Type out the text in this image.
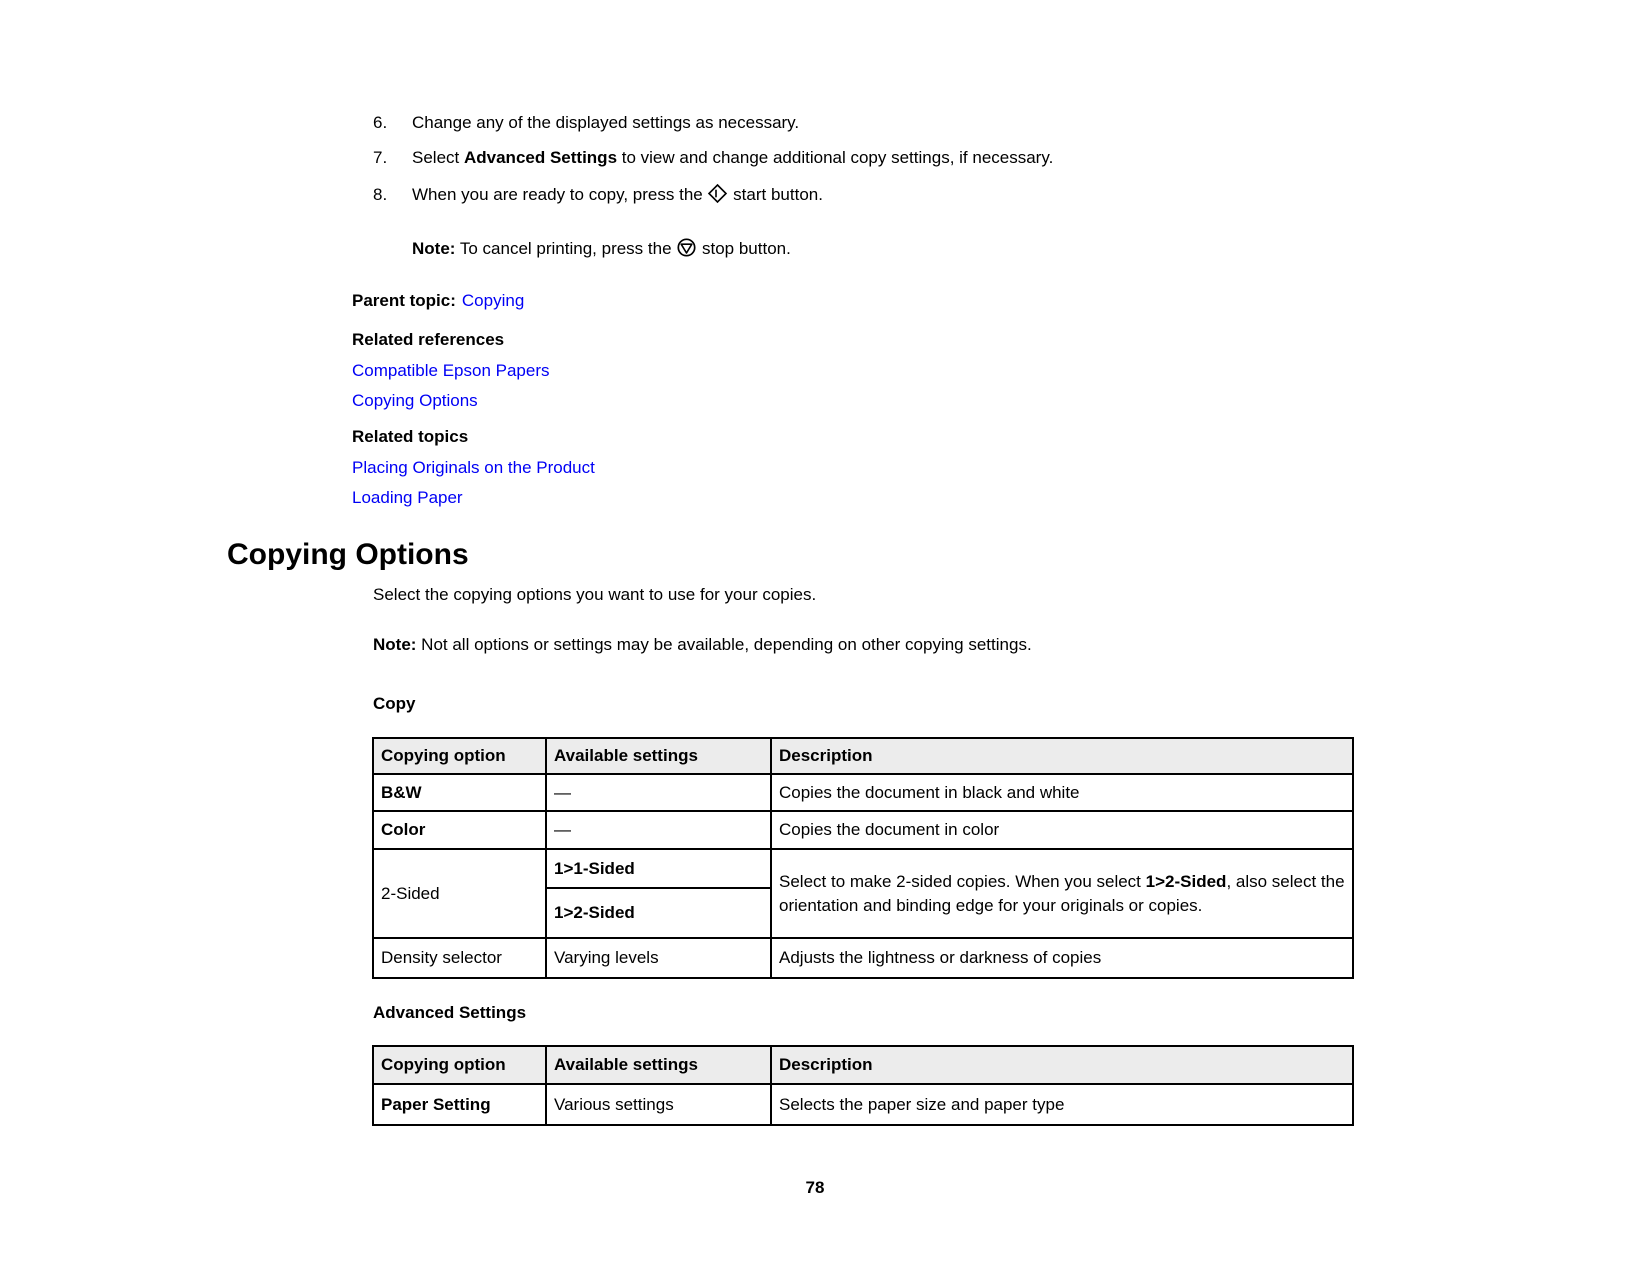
6. Change any of the displayed settings as necessary.
7. Select Advanced Settings to view and change additional copy settings, if necessary.
8. When you are ready to copy, press the  start button.
Note: To cancel printing, press the  stop button.
Parent topic: Copying
Related references
Compatible Epson Papers
Copying Options
Related topics
Placing Originals on the Product
Loading Paper
Copying Options
Select the copying options you want to use for your copies.
Note: Not all options or settings may be available, depending on other copying settings.
Copy
Copying option	Available settings	Description
B&W	—	Copies the document in black and white
Color	—	Copies the document in color
2-Sided	1>1-Sided	Select to make 2-sided copies. When you select 1>2-Sided, also select the orientation and binding edge for your originals or copies.
	1>2-Sided	
Density selector	Varying levels	Adjusts the lightness or darkness of copies
Advanced Settings
Copying option	Available settings	Description
Paper Setting	Various settings	Selects the paper size and paper type
78
